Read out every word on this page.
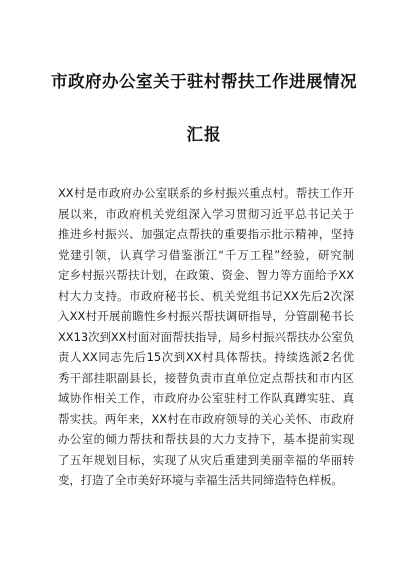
市政府办公室关于驻村帮扶工作进展情况
汇报
XX村是市政府办公室联系的乡村振兴重点村。帮扶工作开
展以来，市政府机关党组深入学习贯彻习近平总书记关于
推进乡村振兴、加强定点帮扶的重要指示批示精神，坚持
党建引领，认真学习借鉴浙江“千万工程”经验，研究制
定乡村振兴帮扶计划，在政策、资金、智力等方面给予XX
村大力支持。市政府秘书长、机关党组书记XX先后2次深
入XX村开展前瞻性乡村振兴帮扶调研指导，分管副秘书长
XX13次到XX村面对面帮扶指导，局乡村振兴帮扶办公室负
责人XX同志先后15次到XX村具体帮扶。持续选派2名优
秀干部挂职副县长，接替负责市直单位定点帮扶和市内区
域协作相关工作，市政府办公室驻村工作队真蹲实驻、真
帮实扶。两年来，XX村在市政府领导的关心关怀、市政府
办公室的倾力帮扶和帮扶县的大力支持下，基本提前实现
了五年规划目标，实现了从灾后重建到美丽幸福的华丽转
变，打造了全市美好环境与幸福生活共同缔造特色样板。
